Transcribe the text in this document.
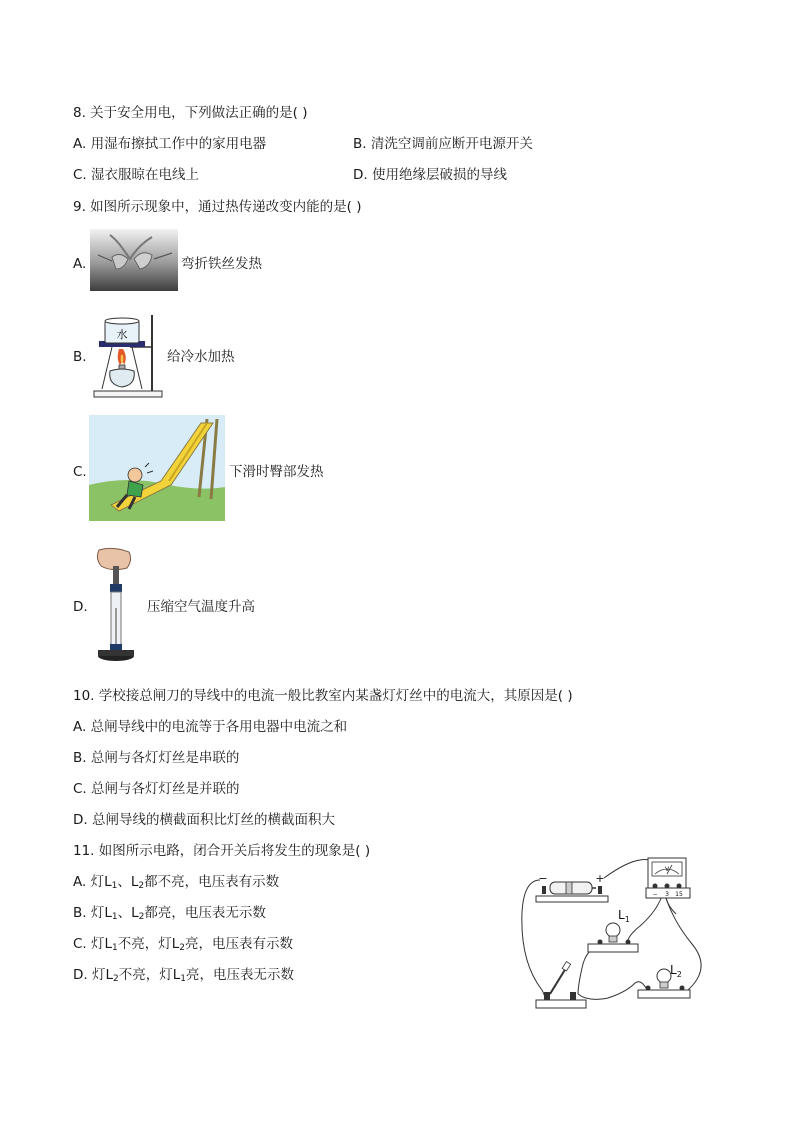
8. 关于安全用电，下列做法正确的是( )
A. 用湿布擦拭工作中的家用电器	B. 清洗空调前应断开电源开关
C. 湿衣服晾在电线上	D. 使用绝缘层破损的导线
9. 如图所示现象中，通过热传递改变内能的是( )
A.	弯折铁丝发热
B.
水
给冷水加热
C.	下滑时臀部发热
D.	压缩空气温度升高
10. 学校接总闸刀的导线中的电流一般比教室内某盏灯灯丝中的电流大，其原因是( )
A. 总闸导线中的电流等于各用电器中电流之和
B. 总闸与各灯灯丝是串联的
C. 总闸与各灯灯丝是并联的
D. 总闸导线的横截面积比灯丝的横截面积大
11. 如图所示电路，闭合开关后将发生的现象是( )
A. 灯$L_1$、$L_2$都不亮，电压表有示数
B. 灯$L_1$、$L_2$都亮，电压表无示数
C. 灯$L_1$不亮，灯$L_2$亮，电压表有示数
D. 灯$L_2$不亮，灯$L_1$亮，电压表无示数
−	+
V
− 3 15
$L_1$
$L_2$
